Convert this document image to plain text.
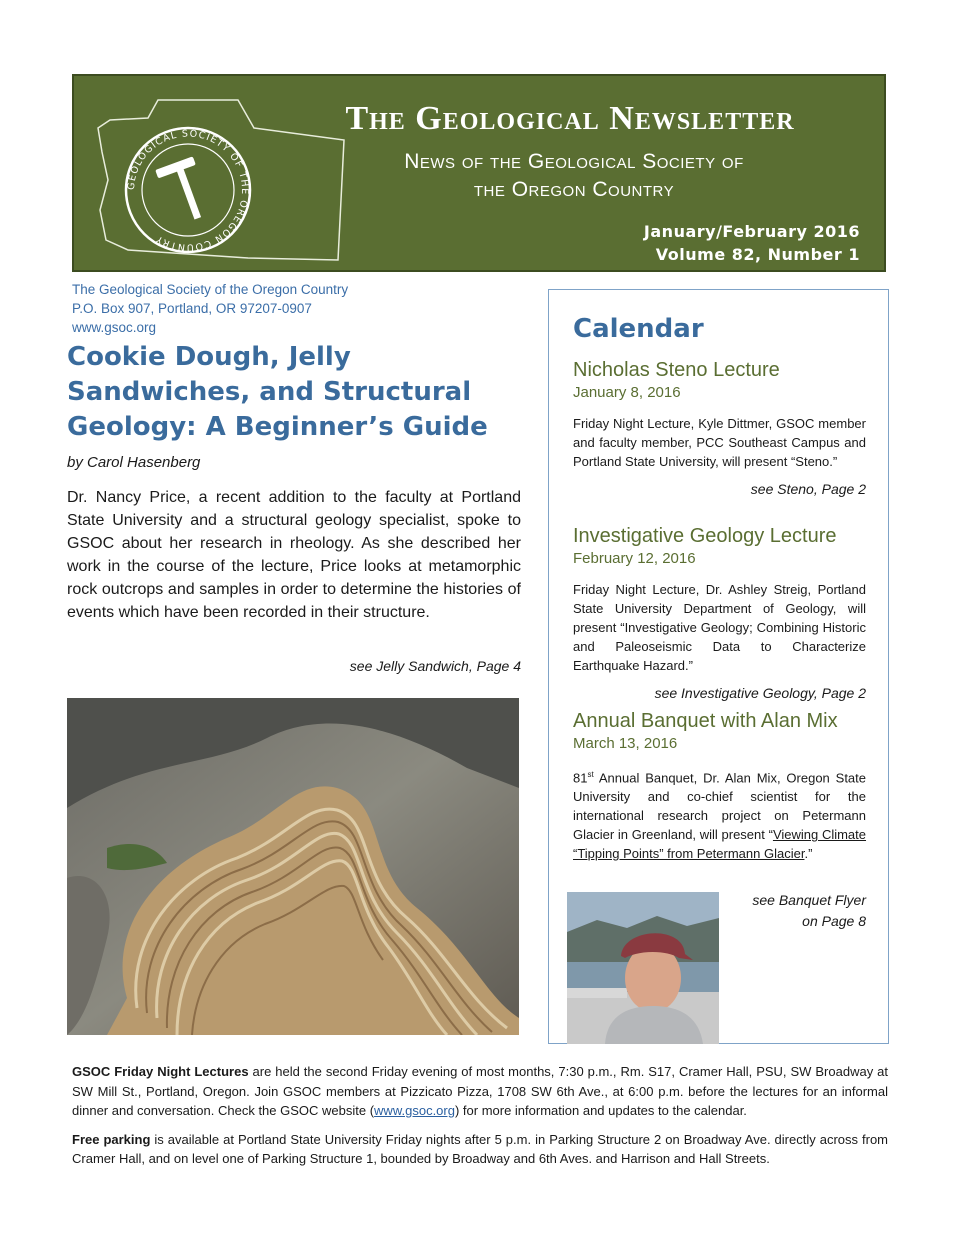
GEOLOGICAL SOCIETY OF THE OREGON COUNTRY
The Geological Newsletter
News of the Geological Society of
the Oregon Country
January/February 2016
Volume 82, Number 1
The Geological Society of the Oregon Country
P.O. Box 907, Portland, OR 97207-0907
www.gsoc.org
Cookie Dough, Jelly Sandwiches, and Structural Geology: A Beginner’s Guide
by Carol Hasenberg

Dr. Nancy Price, a recent addition to the faculty at Portland State University and a structural geology specialist, spoke to GSOC about her research in rheology. As she described her work in the course of the lecture, Price looks at metamorphic rock outcrops and samples in order to determine the histories of events which have been recorded in their structure.

see Jelly Sandwich, Page 4
Calendar
Nicholas Steno Lecture
January 8, 2016
Friday Night Lecture, Kyle Dittmer, GSOC member and faculty member, PCC Southeast Campus and Portland State University, will present “Steno.”
see Steno, Page 2
Investigative Geology Lecture
February 12, 2016
Friday Night Lecture, Dr. Ashley Streig, Portland State University Department of Geology, will present “Investigative Geology; Combining Historic and Paleoseismic Data to Characterize Earthquake Hazard.”
see Investigative Geology, Page 2
Annual Banquet with Alan Mix
March 13, 2016
81st Annual Banquet, Dr. Alan Mix, Oregon State University and co-chief scientist for the international research project on Petermann Glacier in Greenland, will present “Viewing Climate “Tipping Points” from Petermann Glacier.”
see Banquet Flyer
on Page 8

GSOC Friday Night Lectures are held the second Friday evening of most months, 7:30 p.m., Rm. S17, Cramer Hall, PSU, SW Broadway at SW Mill St., Portland, Oregon. Join GSOC members at Pizzicato Pizza, 1708 SW 6th Ave., at 6:00 p.m. before the lectures for an informal dinner and conversation. Check the GSOC website (www.gsoc.org) for more information and updates to the calendar.

Free parking is available at Portland State University Friday nights after 5 p.m. in Parking Structure 2 on Broadway Ave. directly across from Cramer Hall, and on level one of Parking Structure 1, bounded by Broadway and 6th Aves. and Harrison and Hall Streets.
